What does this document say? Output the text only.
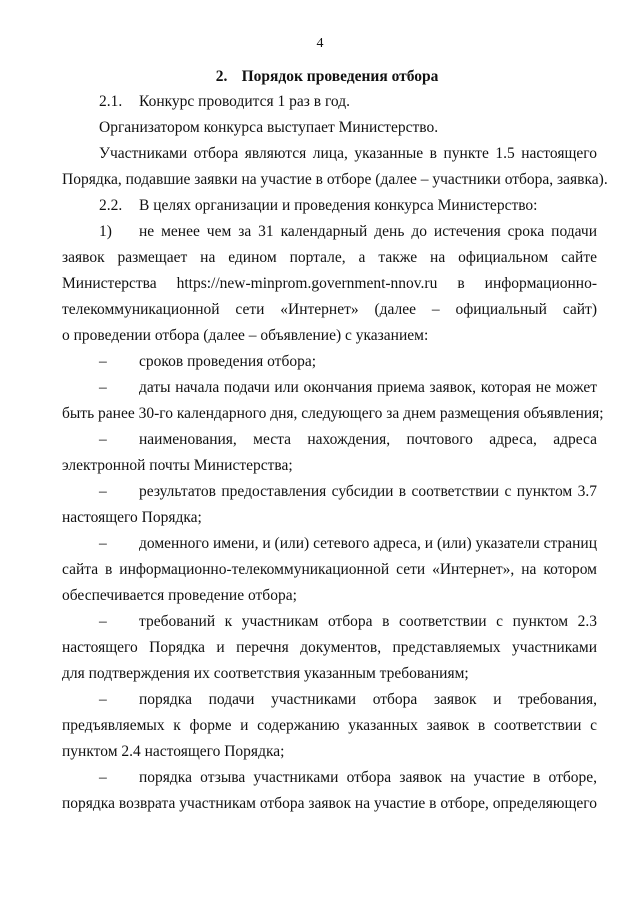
4
2. Порядок проведения отбора

2.1. Конкурс проводится 1 раз в год.

Организатором конкурса выступает Министерство.

Участниками отбора являются лица, указанные в пункте 1.5 настоящего
Порядка, подавшие заявки на участие в отборе (далее – участники отбора, заявка).

2.2. В целях организации и проведения конкурса Министерство:

1) не менее чем за 31 календарный день до истечения срока подачи
заявок размещает на едином портале, а также на официальном сайте
Министерства https://new-minprom.government-nnov.ru в информационно-
телекоммуникационной сети «Интернет» (далее – официальный сайт)
о проведении отбора (далее – объявление) с указанием:

–	сроков проведения отбора;

–	даты начала подачи или окончания приема заявок, которая не может
быть ранее 30-го календарного дня, следующего за днем размещения объявления;

–	наименования, места нахождения, почтового адреса, адреса
электронной почты Министерства;

–	результатов предоставления субсидии в соответствии с пунктом 3.7
настоящего Порядка;

–	доменного имени, и (или) сетевого адреса, и (или) указатели страниц
сайта в информационно-телекоммуникационной сети «Интернет», на котором
обеспечивается проведение отбора;

–	требований к участникам отбора в соответствии с пунктом 2.3
настоящего Порядка и перечня документов, представляемых участниками
для подтверждения их соответствия указанным требованиям;

–	порядка подачи участниками отбора заявок и требования,
предъявляемых к форме и содержанию указанных заявок в соответствии с
пунктом 2.4 настоящего Порядка;

–	порядка отзыва участниками отбора заявок на участие в отборе,
порядка возврата участникам отбора заявок на участие в отборе, определяющего
